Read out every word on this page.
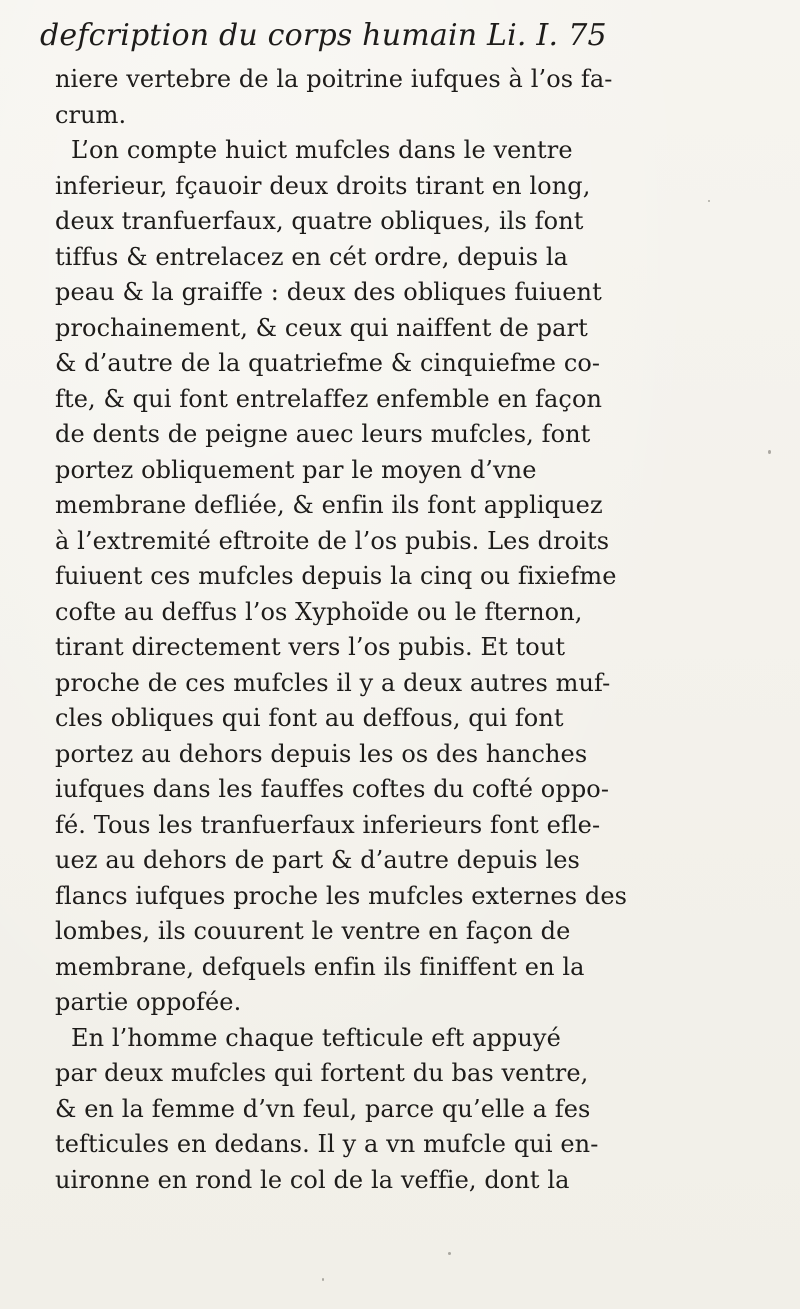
defcription du corps humain Li. I. 75
niere vertebre de la poitrine iufques à l’os fa-
crum.
L’on compte huict mufcles dans le ventre
inferieur, fçauoir deux droits tirant en long,
deux tranfuerfaux, quatre obliques, ils font
tiffus & entrelacez en cét ordre, depuis la
peau & la graiffe : deux des obliques fuiuent
prochainement, & ceux qui naiffent de part
& d’autre de la quatriefme & cinquiefme co-
fte, & qui font entrelaffez enfemble en façon
de dents de peigne auec leurs mufcles, font
portez obliquement par le moyen d’vne
membrane defliée, & enfin ils font appliquez
à l’extremité eftroite de l’os pubis. Les droits
fuiuent ces mufcles depuis la cinq ou fixiefme
cofte au deffus l’os Xyphoïde ou le fternon,
tirant directement vers l’os pubis. Et tout
proche de ces mufcles il y a deux autres muf-
cles obliques qui font au deffous, qui font
portez au dehors depuis les os des hanches
iufques dans les fauffes coftes du cofté oppo-
fé. Tous les tranfuerfaux inferieurs font efle-
uez au dehors de part & d’autre depuis les
flancs iufques proche les mufcles externes des
lombes, ils couurent le ventre en façon de
membrane, defquels enfin ils finiffent en la
partie oppofée.
En l’homme chaque tefticule eft appuyé
par deux mufcles qui fortent du bas ventre,
& en la femme d’vn feul, parce qu’elle a fes
tefticules en dedans. Il y a vn mufcle qui en-
uironne en rond le col de la veffie, dont la
